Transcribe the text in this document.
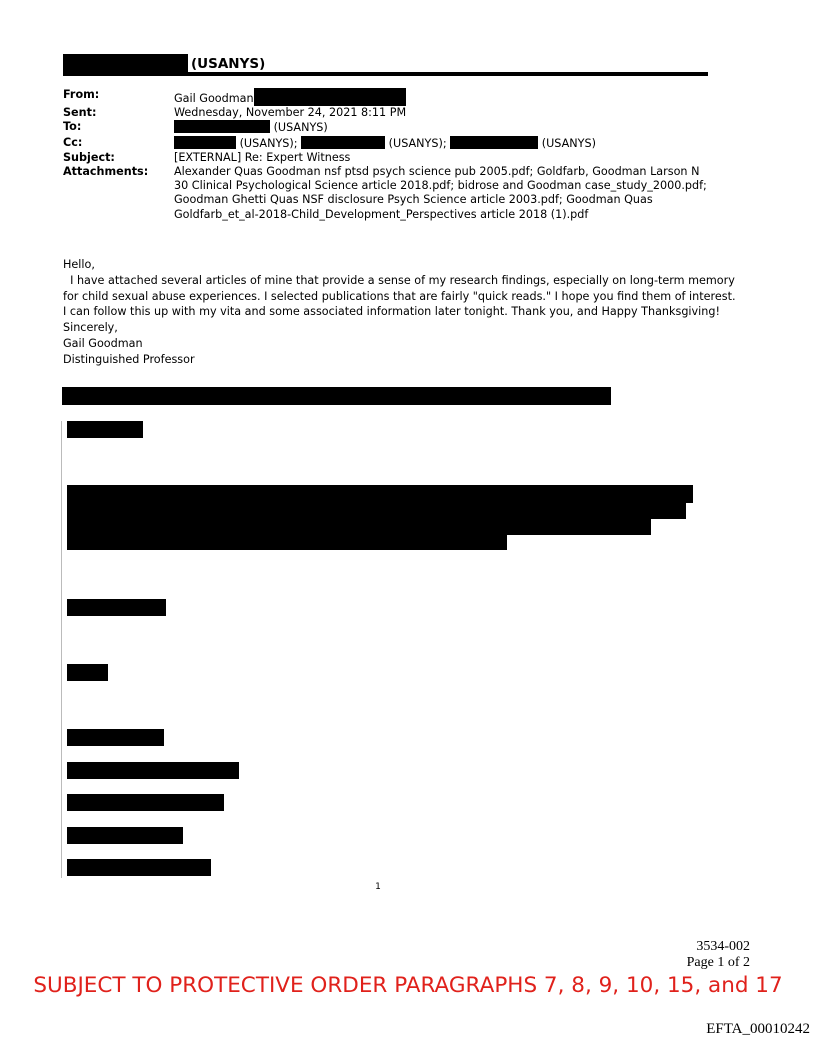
(USANYS)
From:	Gail Goodman
Sent:	Wednesday, November 24, 2021 8:11 PM
To:	(USANYS)
Cc:	(USANYS);	(USANYS);	(USANYS)
Subject:	[EXTERNAL] Re: Expert Witness
Attachments: Alexander Quas Goodman nsf ptsd psych science pub 2005.pdf; Goldfarb, Goodman Larson N 30 Clinical Psychological Science article 2018.pdf; bidrose and Goodman case_study_2000.pdf; Goodman Ghetti Quas NSF disclosure Psych Science article 2003.pdf; Goodman Quas Goldfarb_et_al-2018-Child_Development_Perspectives article 2018 (1).pdf

Hello,

I have attached several articles of mine that provide a sense of my research findings, especially on long-term memory

for child sexual abuse experiences. I selected publications that are fairly "quick reads." I hope you find them of interest.

I can follow this up with my vita and some associated information later tonight. Thank you, and Happy Thanksgiving!

Sincerely,

Gail Goodman

Distinguished Professor

1
3534-002
Page 1 of 2
SUBJECT TO PROTECTIVE ORDER PARAGRAPHS 7, 8, 9, 10, 15, and 17
EFTA_00010242
